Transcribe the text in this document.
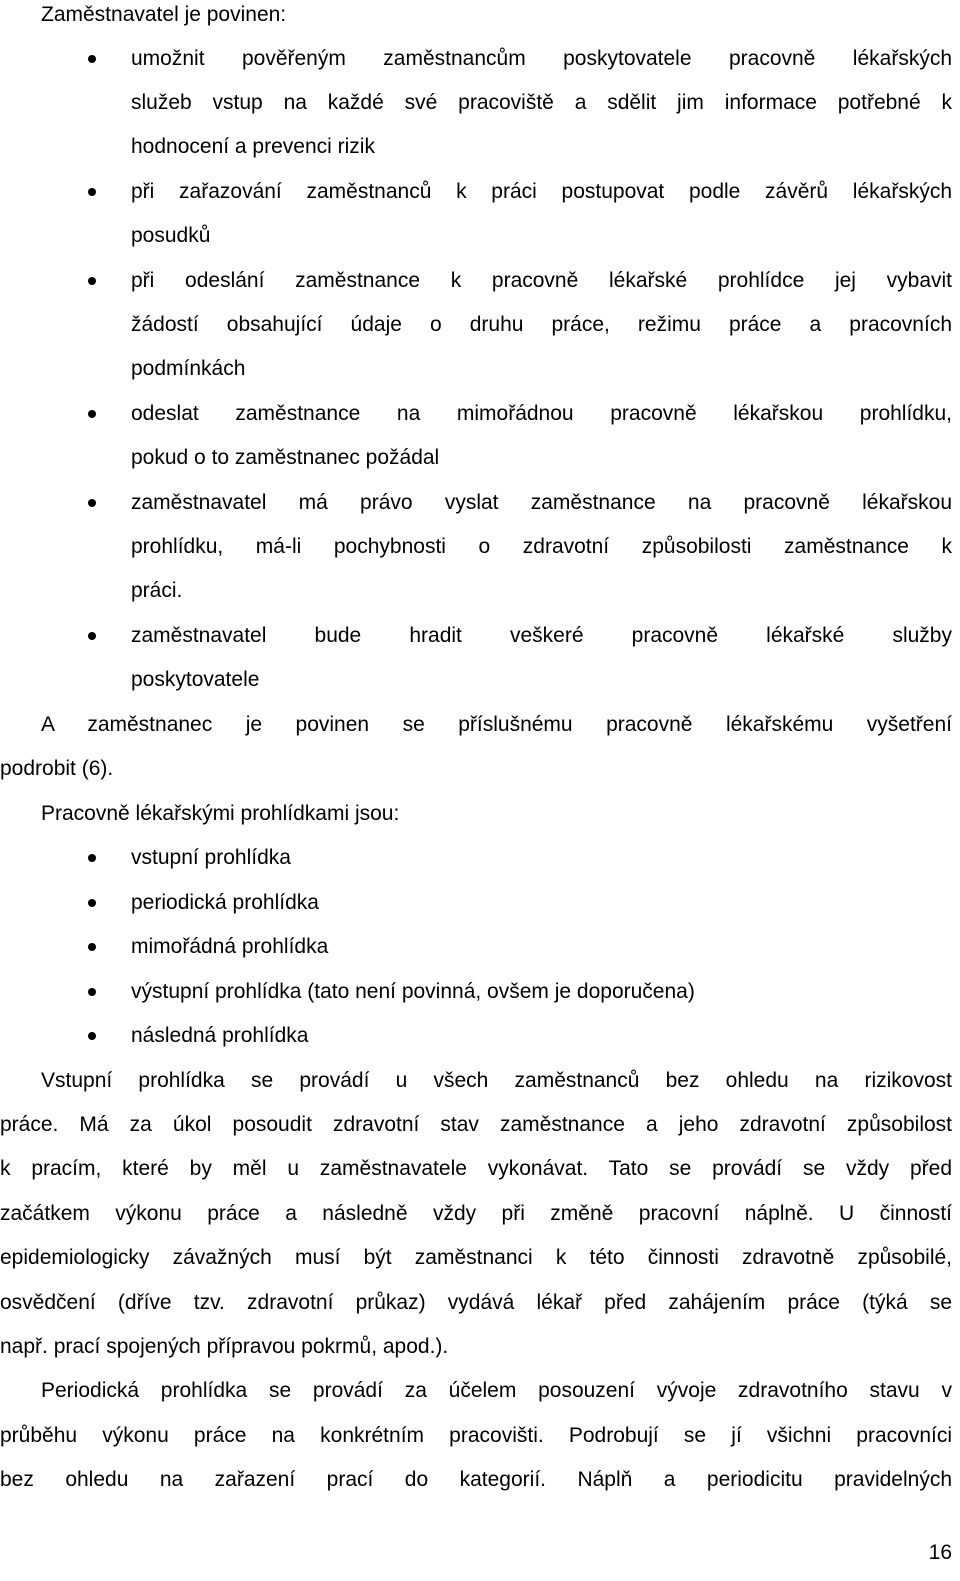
Zaměstnavatel je povinen:
umožnit pověřeným zaměstnancům poskytovatele pracovně lékařských
služeb vstup na každé své pracoviště a sdělit jim informace potřebné k
hodnocení a prevenci rizik
při zařazování zaměstnanců k práci postupovat podle závěrů lékařských
posudků
při odeslání zaměstnance k pracovně lékařské prohlídce jej vybavit
žádostí obsahující údaje o druhu práce, režimu práce a pracovních
podmínkách
odeslat zaměstnance na mimořádnou pracovně lékařskou prohlídku,
pokud o to zaměstnanec požádal
zaměstnavatel má právo vyslat zaměstnance na pracovně lékařskou
prohlídku, má-li pochybnosti o zdravotní způsobilosti zaměstnance k
práci.
zaměstnavatel bude hradit veškeré pracovně lékařské služby
poskytovatele
A zaměstnanec je povinen se příslušnému pracovně lékařskému vyšetření
podrobit (6).
Pracovně lékařskými prohlídkami jsou:
vstupní prohlídka
periodická prohlídka
mimořádná prohlídka
výstupní prohlídka (tato není povinná, ovšem je doporučena)
následná prohlídka
Vstupní prohlídka se provádí u všech zaměstnanců bez ohledu na rizikovost
práce. Má za úkol posoudit zdravotní stav zaměstnance a jeho zdravotní způsobilost
k pracím, které by měl u zaměstnavatele vykonávat. Tato se provádí se vždy před
začátkem výkonu práce a následně vždy při změně pracovní náplně. U činností
epidemiologicky závažných musí být zaměstnanci k této činnosti zdravotně způsobilé,
osvědčení (dříve tzv. zdravotní průkaz) vydává lékař před zahájením práce (týká se
např. prací spojených přípravou pokrmů, apod.).
Periodická prohlídka se provádí za účelem posouzení vývoje zdravotního stavu v
průběhu výkonu práce na konkrétním pracovišti. Podrobují se jí všichni pracovníci
bez ohledu na zařazení prací do kategorií. Náplň a periodicitu pravidelných
16
